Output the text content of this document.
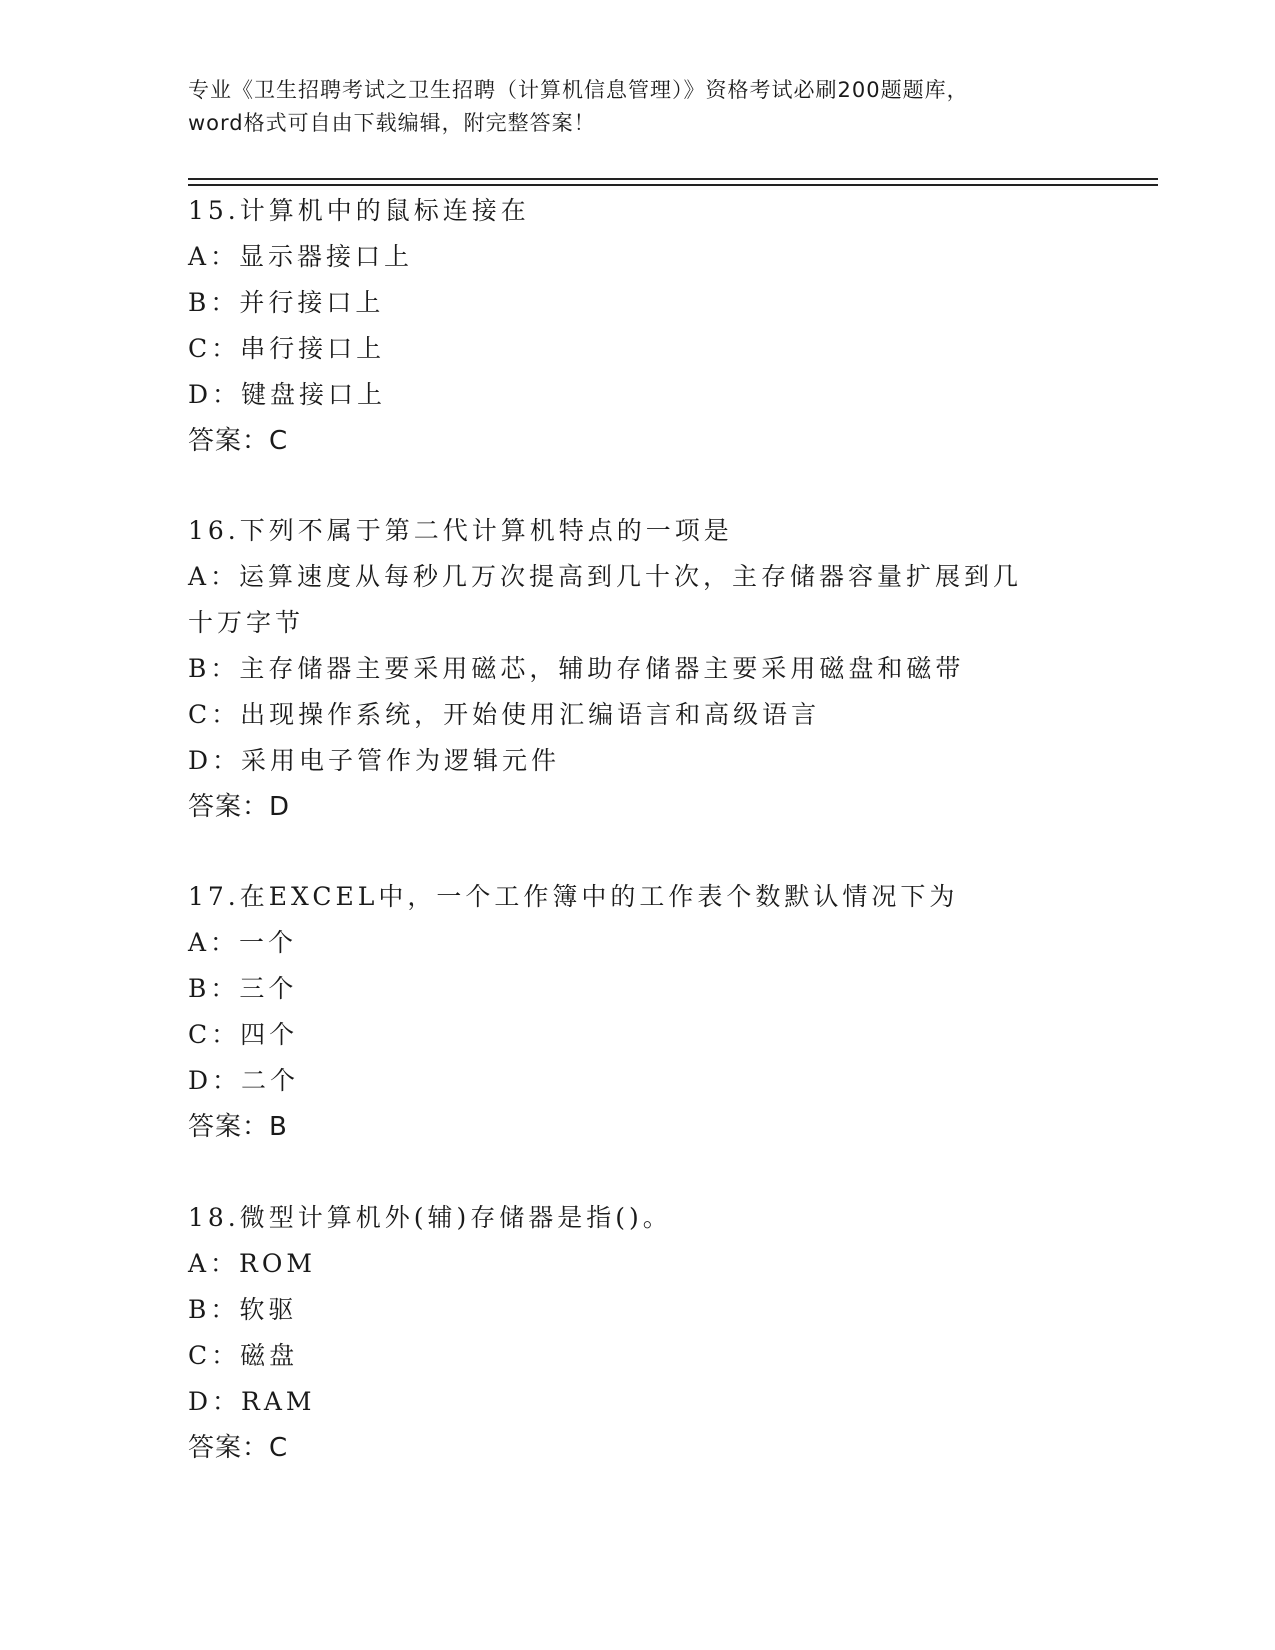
专业《卫生招聘考试之卫生招聘（计算机信息管理）》资格考试必刷200题题库，
word格式可自由下载编辑，附完整答案！
15.计算机中的鼠标连接在
A：显示器接口上
B：并行接口上
C：串行接口上
D：键盘接口上
答案：C
16.下列不属于第二代计算机特点的一项是
A：运算速度从每秒几万次提高到几十次，主存储器容量扩展到几十万字节
B：主存储器主要采用磁芯，辅助存储器主要采用磁盘和磁带
C：出现操作系统，开始使用汇编语言和高级语言
D：采用电子管作为逻辑元件
答案：D
17.在EXCEL中，一个工作簿中的工作表个数默认情况下为
A：一个
B：三个
C：四个
D：二个
答案：B
18.微型计算机外(辅)存储器是指()。
A：ROM
B：软驱
C：磁盘
D：RAM
答案：C
